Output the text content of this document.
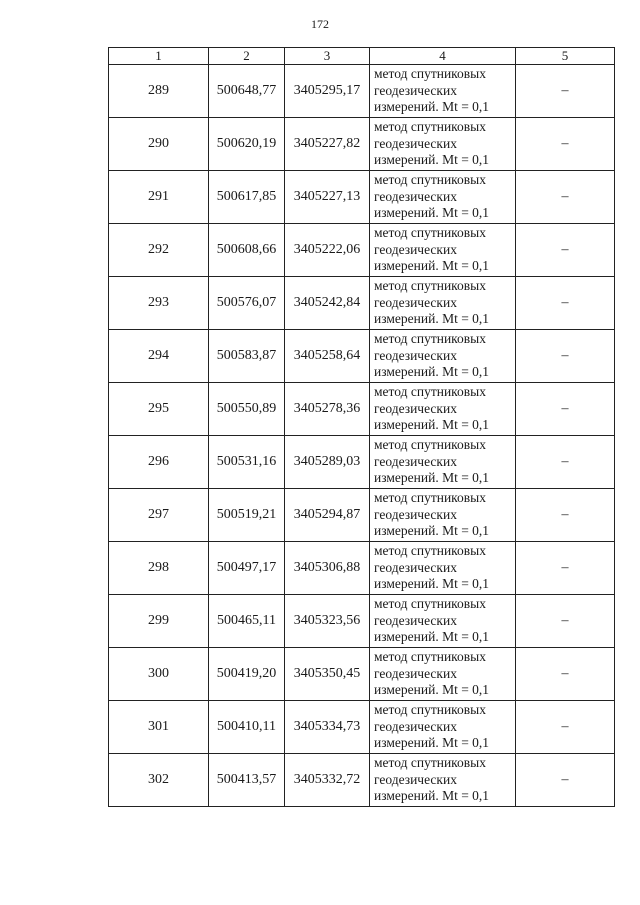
172
1	2	3	4	5
289	500648,77	3405295,17	метод спутниковых
геодезических
измерений. Mt = 0,1	–
290	500620,19	3405227,82	метод спутниковых
геодезических
измерений. Mt = 0,1	–
291	500617,85	3405227,13	метод спутниковых
геодезических
измерений. Mt = 0,1	–
292	500608,66	3405222,06	метод спутниковых
геодезических
измерений. Mt = 0,1	–
293	500576,07	3405242,84	метод спутниковых
геодезических
измерений. Mt = 0,1	–
294	500583,87	3405258,64	метод спутниковых
геодезических
измерений. Mt = 0,1	–
295	500550,89	3405278,36	метод спутниковых
геодезических
измерений. Mt = 0,1	–
296	500531,16	3405289,03	метод спутниковых
геодезических
измерений. Mt = 0,1	–
297	500519,21	3405294,87	метод спутниковых
геодезических
измерений. Mt = 0,1	–
298	500497,17	3405306,88	метод спутниковых
геодезических
измерений. Mt = 0,1	–
299	500465,11	3405323,56	метод спутниковых
геодезических
измерений. Mt = 0,1	–
300	500419,20	3405350,45	метод спутниковых
геодезических
измерений. Mt = 0,1	–
301	500410,11	3405334,73	метод спутниковых
геодезических
измерений. Mt = 0,1	–
302	500413,57	3405332,72	метод спутниковых
геодезических
измерений. Mt = 0,1	–
